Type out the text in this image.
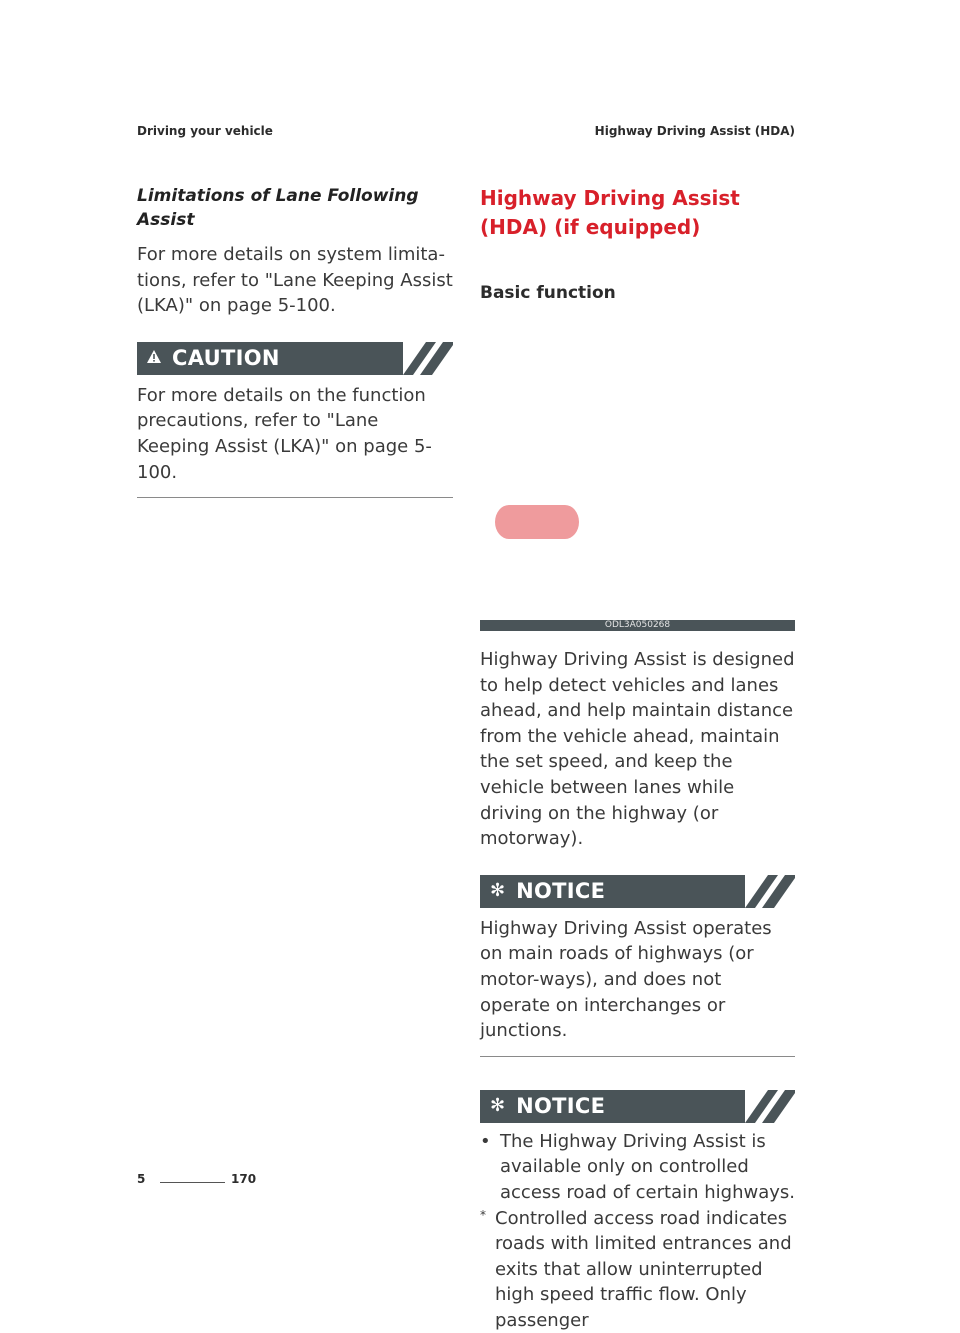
Driving your vehicle	Highway Driving Assist (HDA)
Limitations of Lane Following Assist

For more details on system limita-tions, refer to "Lane Keeping Assist (LKA)" on page 5-100.

CAUTION

For more details on the function precautions, refer to "Lane Keeping Assist (LKA)" on page 5-100.

Highway Driving Assist (HDA) (if equipped)

Basic function

ODL3A050268

Highway Driving Assist is designed to help detect vehicles and lanes ahead, and help maintain distance from the vehicle ahead, maintain the set speed, and keep the vehicle between lanes while driving on the highway (or motorway).

✻ NOTICE

Highway Driving Assist operates on main roads of highways (or motor-ways), and does not operate on interchanges or junctions.

✻ NOTICE
• The Highway Driving Assist is available only on controlled access road of certain highways.
* Controlled access road indicates roads with limited entrances and exits that allow uninterrupted high speed traffic flow. Only passenger
5	170
